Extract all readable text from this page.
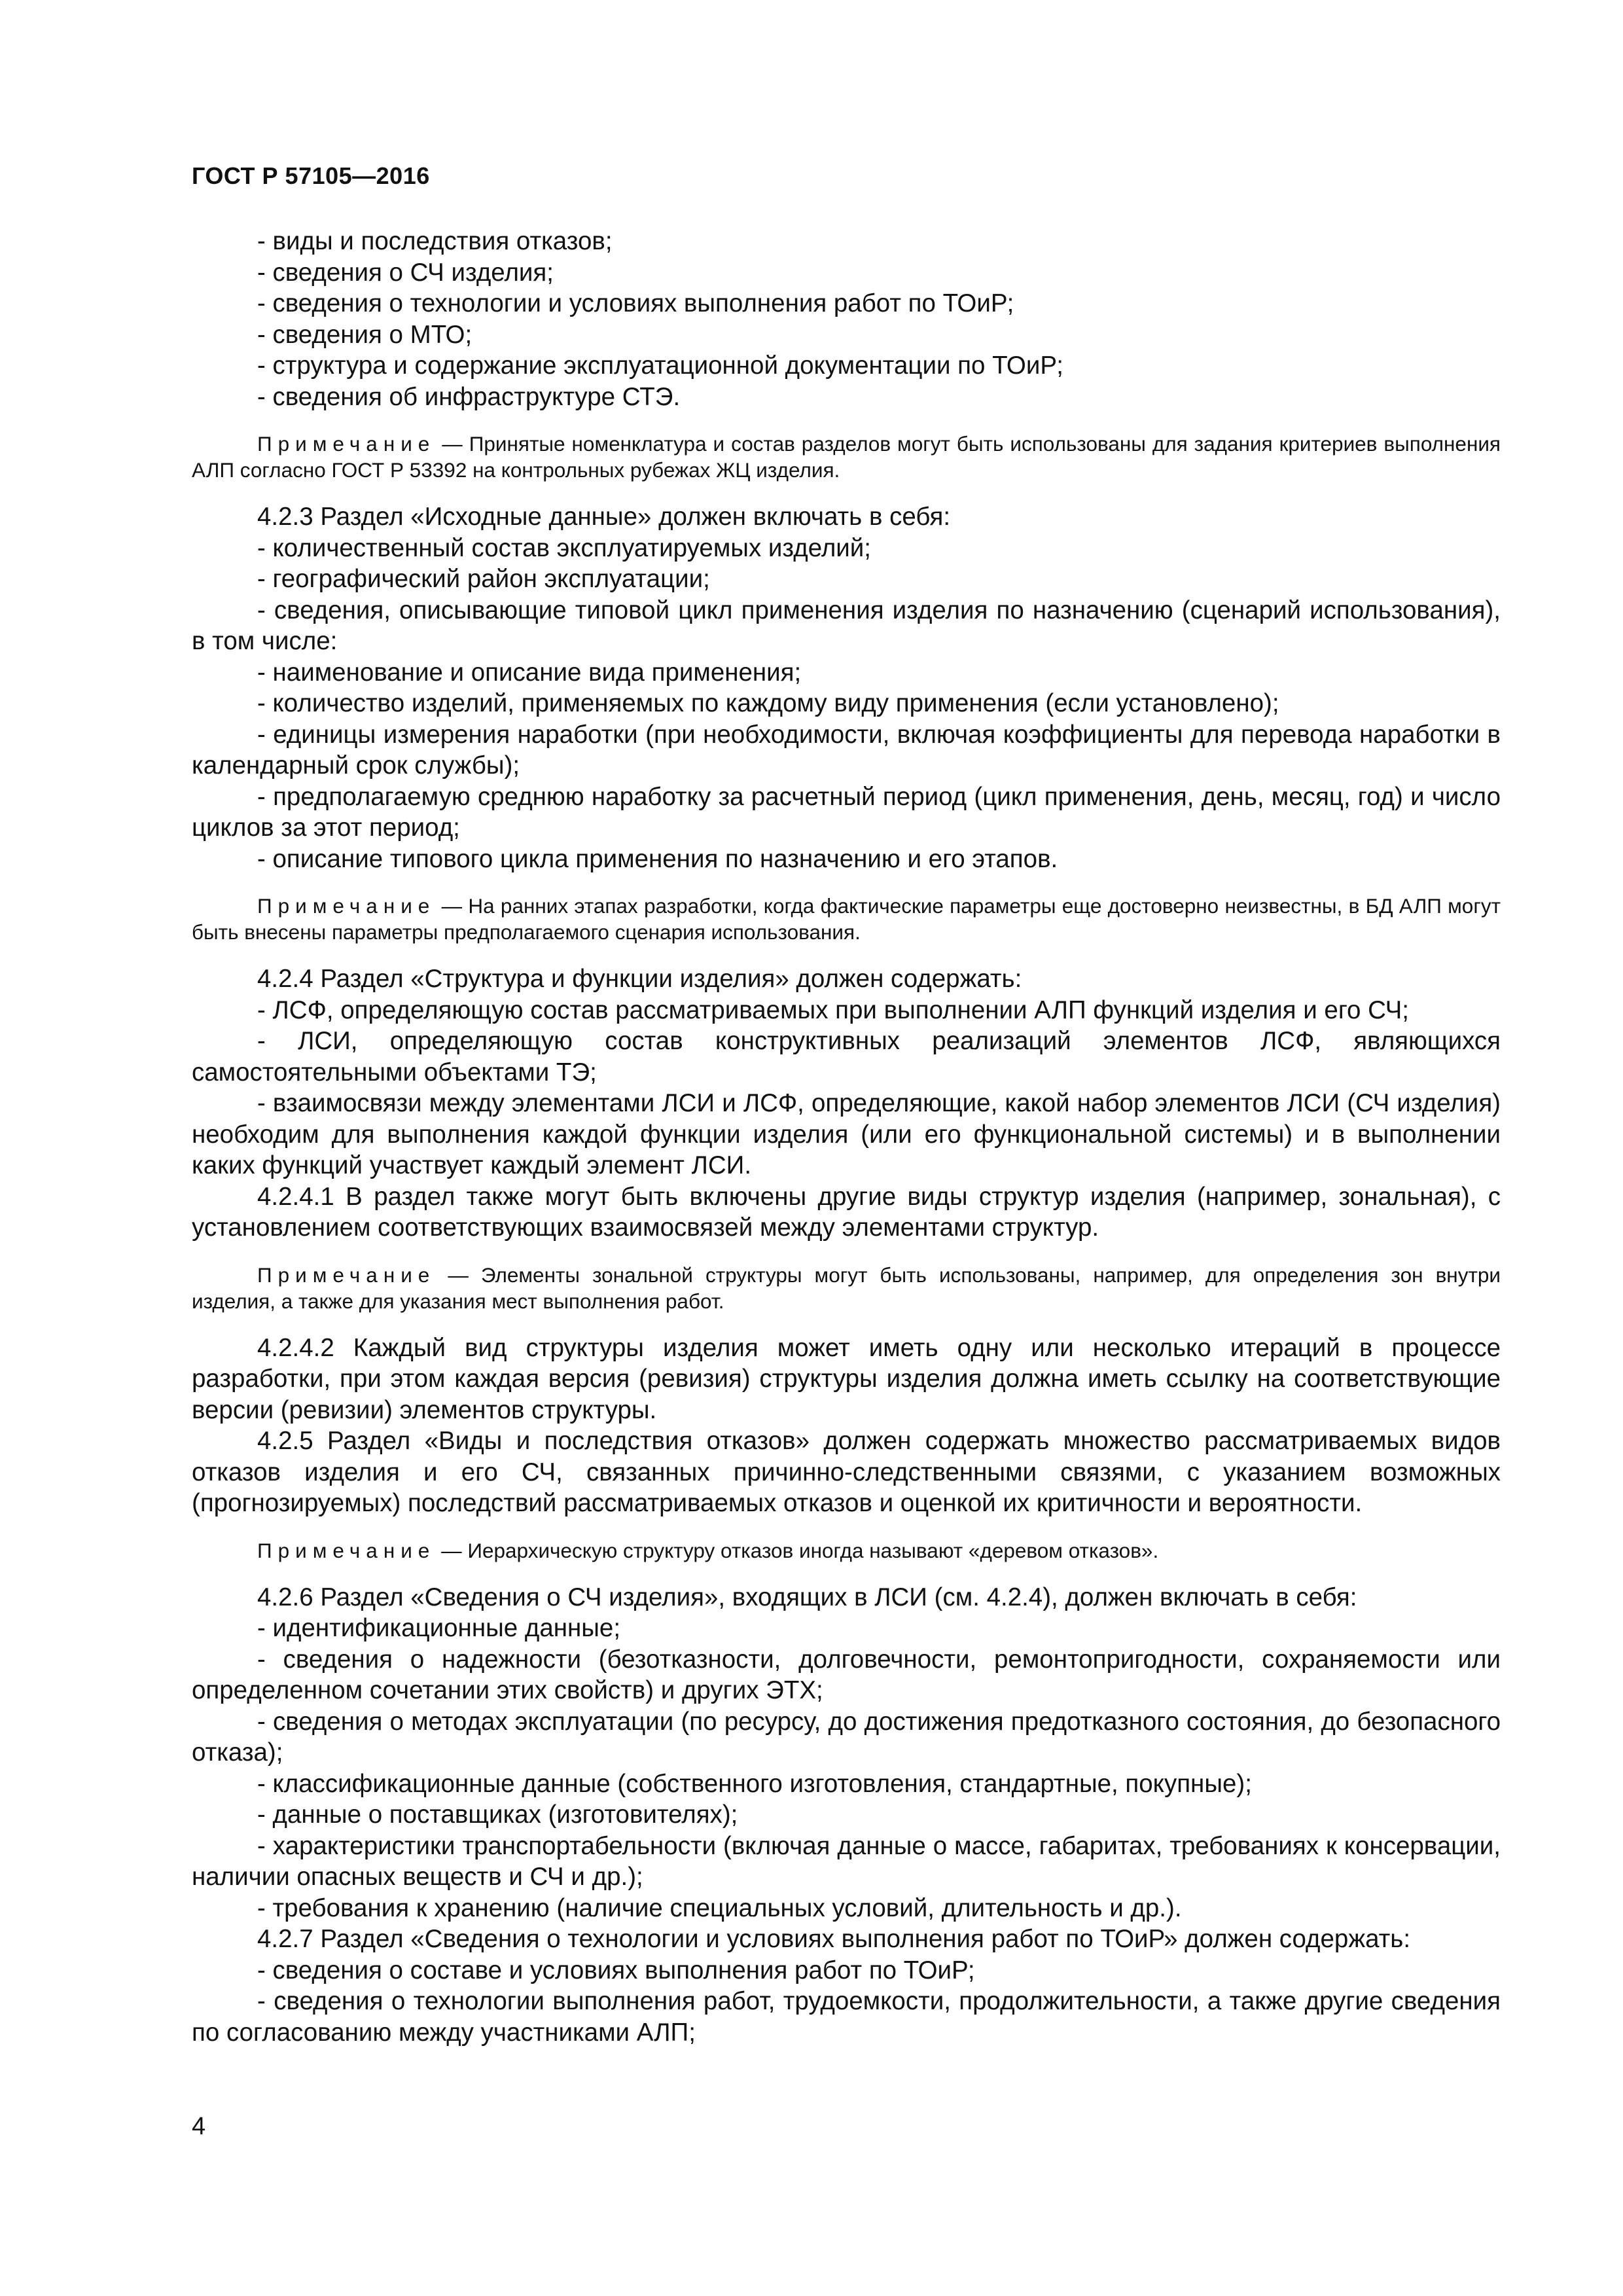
ГОСТ Р 57105—2016

- виды и последствия отказов;

- сведения о СЧ изделия;

- сведения о технологии и условиях выполнения работ по ТОиР;

- сведения о МТО;

- структура и содержание эксплуатационной документации по ТОиР;

- сведения об инфраструктуре СТЭ.

Примечание — Принятые номенклатура и состав разделов могут быть использованы для задания критериев выполнения АЛП согласно ГОСТ Р 53392 на контрольных рубежах ЖЦ изделия.

4.2.3 Раздел «Исходные данные» должен включать в себя:

- количественный состав эксплуатируемых изделий;

- географический район эксплуатации;

- сведения, описывающие типовой цикл применения изделия по назначению (сценарий использования), в том числе:

- наименование и описание вида применения;

- количество изделий, применяемых по каждому виду применения (если установлено);

- единицы измерения наработки (при необходимости, включая коэффициенты для перевода наработки в календарный срок службы);

- предполагаемую среднюю наработку за расчетный период (цикл применения, день, месяц, год) и число циклов за этот период;

- описание типового цикла применения по назначению и его этапов.

Примечание — На ранних этапах разработки, когда фактические параметры еще достоверно неизвестны, в БД АЛП могут быть внесены параметры предполагаемого сценария использования.

4.2.4 Раздел «Структура и функции изделия» должен содержать:

- ЛСФ, определяющую состав рассматриваемых при выполнении АЛП функций изделия и его СЧ;

- ЛСИ, определяющую состав конструктивных реализаций элементов ЛСФ, являющихся самостоятельными объектами ТЭ;

- взаимосвязи между элементами ЛСИ и ЛСФ, определяющие, какой набор элементов ЛСИ (СЧ изделия) необходим для выполнения каждой функции изделия (или его функциональной системы) и в выполнении каких функций участвует каждый элемент ЛСИ.

4.2.4.1 В раздел также могут быть включены другие виды структур изделия (например, зональная), с установлением соответствующих взаимосвязей между элементами структур.

Примечание — Элементы зональной структуры могут быть использованы, например, для определения зон внутри изделия, а также для указания мест выполнения работ.

4.2.4.2 Каждый вид структуры изделия может иметь одну или несколько итераций в процессе разработки, при этом каждая версия (ревизия) структуры изделия должна иметь ссылку на соответствующие версии (ревизии) элементов структуры.

4.2.5 Раздел «Виды и последствия отказов» должен содержать множество рассматриваемых видов отказов изделия и его СЧ, связанных причинно-следственными связями, с указанием возможных (прогнозируемых) последствий рассматриваемых отказов и оценкой их критичности и вероятности.

Примечание — Иерархическую структуру отказов иногда называют «деревом отказов».

4.2.6 Раздел «Сведения о СЧ изделия», входящих в ЛСИ (см. 4.2.4), должен включать в себя:

- идентификационные данные;

- сведения о надежности (безотказности, долговечности, ремонтопригодности, сохраняемости или определенном сочетании этих свойств) и других ЭТХ;

- сведения о методах эксплуатации (по ресурсу, до достижения предотказного состояния, до безопасного отказа);

- классификационные данные (собственного изготовления, стандартные, покупные);

- данные о поставщиках (изготовителях);

- характеристики транспортабельности (включая данные о массе, габаритах, требованиях к консервации, наличии опасных веществ и СЧ и др.);

- требования к хранению (наличие специальных условий, длительность и др.).

4.2.7 Раздел «Сведения о технологии и условиях выполнения работ по ТОиР» должен содержать:

- сведения о составе и условиях выполнения работ по ТОиР;

- сведения о технологии выполнения работ, трудоемкости, продолжительности, а также другие сведения по согласованию между участниками АЛП;

4
